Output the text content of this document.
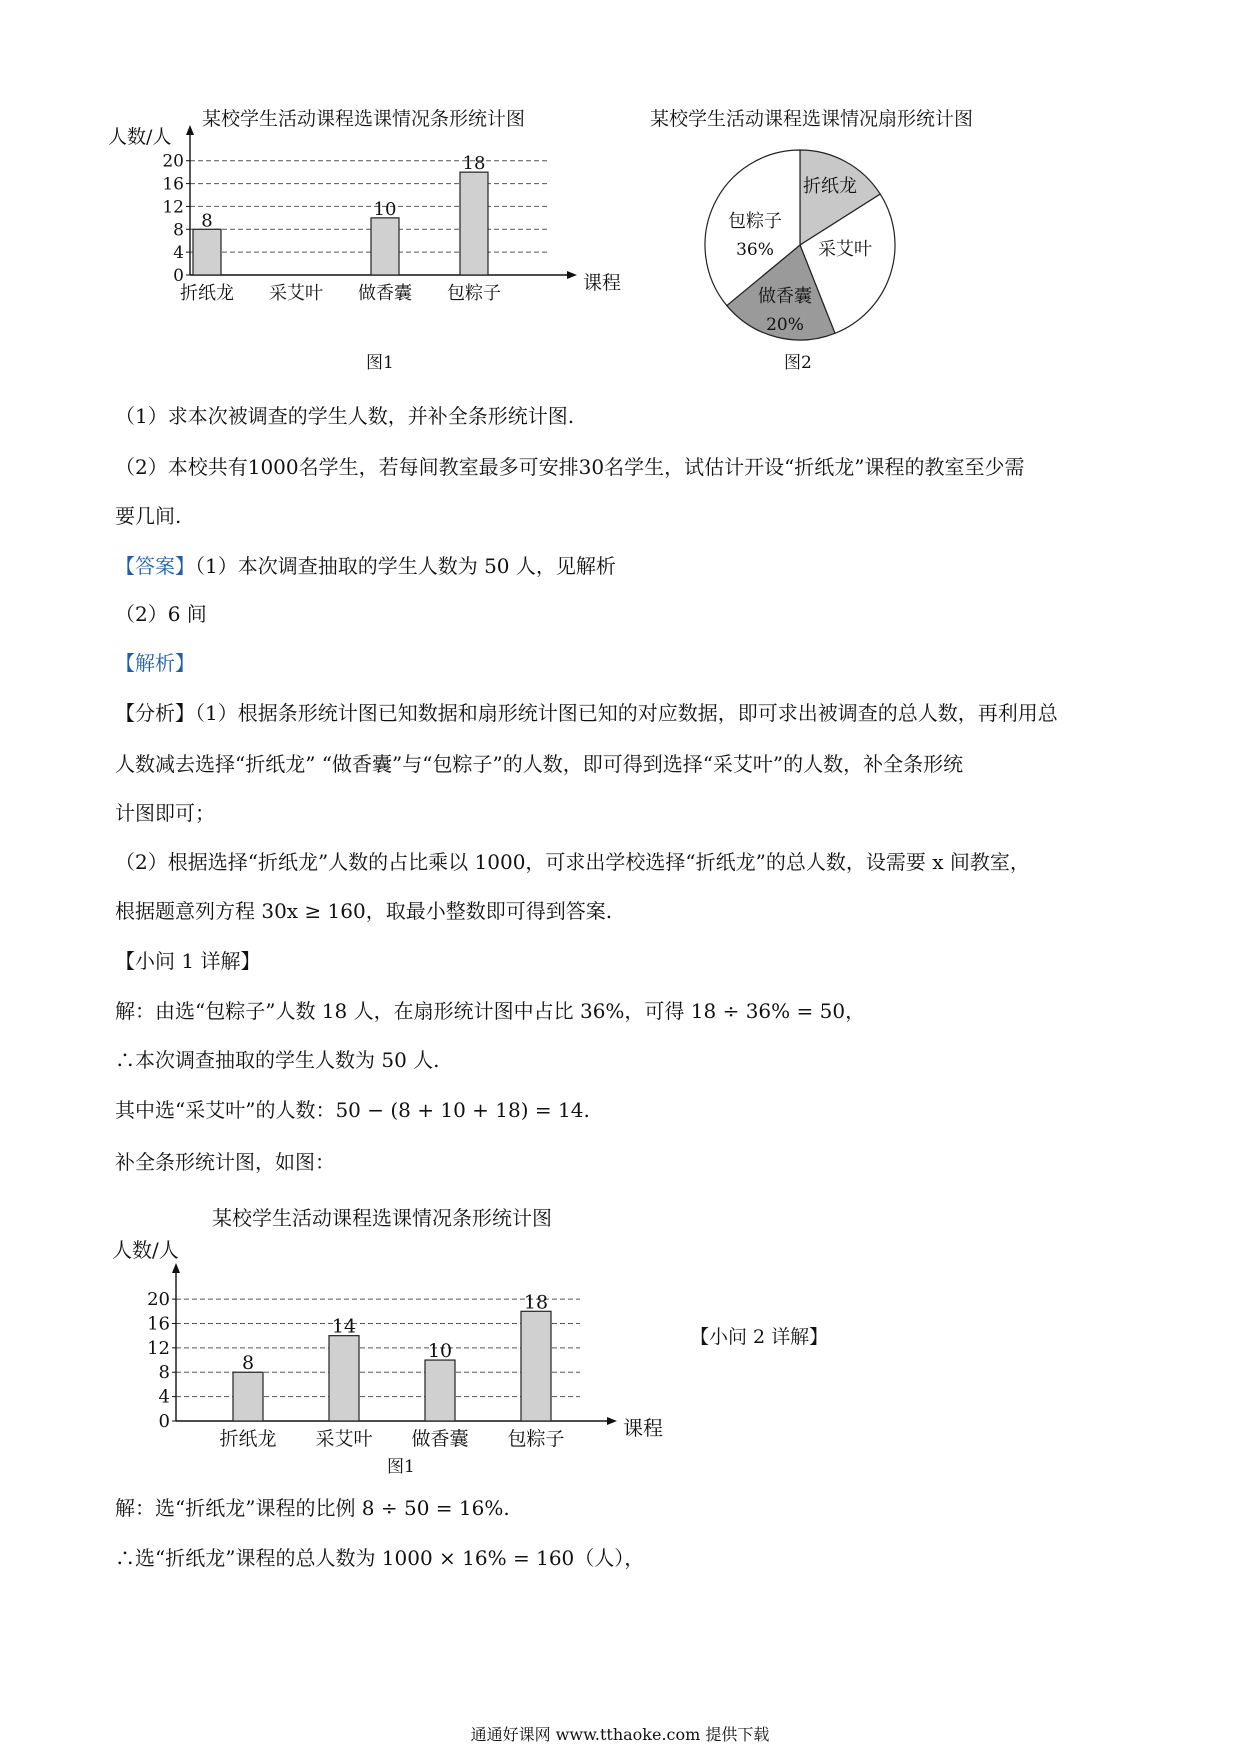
某校学生活动课程选课情况条形统计图
人数/人
0
4
8
12
16
20
课程
8
折纸龙 采艾叶
10
做香囊
18
包粽子
图1
某校学生活动课程选课情况扇形统计图
折纸龙
采艾叶
做香囊
20%
包粽子
36%
图2
（1）求本次被调查的学生人数，并补全条形统计图.
（2）本校共有1000名学生，若每间教室最多可安排30名学生，试估计开设“折纸龙”课程的教室至少需
要几间.
【答案】（1）本次调查抽取的学生人数为 50 人，见解析
（2）6 间
【解析】
【分析】（1）根据条形统计图已知数据和扇形统计图已知的对应数据，即可求出被调查的总人数，再利用总
人数减去选择“折纸龙” “做香囊”与“包粽子”的人数，即可得到选择“采艾叶”的人数，补全条形统
计图即可；
（2）根据选择“折纸龙”人数的占比乘以 1000，可求出学校选择“折纸龙”的总人数，设需要 x 间教室，
根据题意列方程 30x ≥ 160，取最小整数即可得到答案.
【小问 1 详解】
解：由选“包粽子”人数 18 人，在扇形统计图中占比 36%，可得 18 ÷ 36% = 50，
∴本次调查抽取的学生人数为 50 人.
其中选“采艾叶”的人数：50 − (8 + 10 + 18) = 14.
补全条形统计图，如图：
某校学生活动课程选课情况条形统计图
人数/人
0
4
8
12
16
20
课程
8
折纸龙
14
采艾叶
10
做香囊
18
包粽子
图1
【小问 2 详解】
解：选“折纸龙”课程的比例 8 ÷ 50 = 16%.
∴选“折纸龙”课程的总人数为 1000 × 16% = 160（人），
通通好课网 www.tthaoke.com 提供下载
